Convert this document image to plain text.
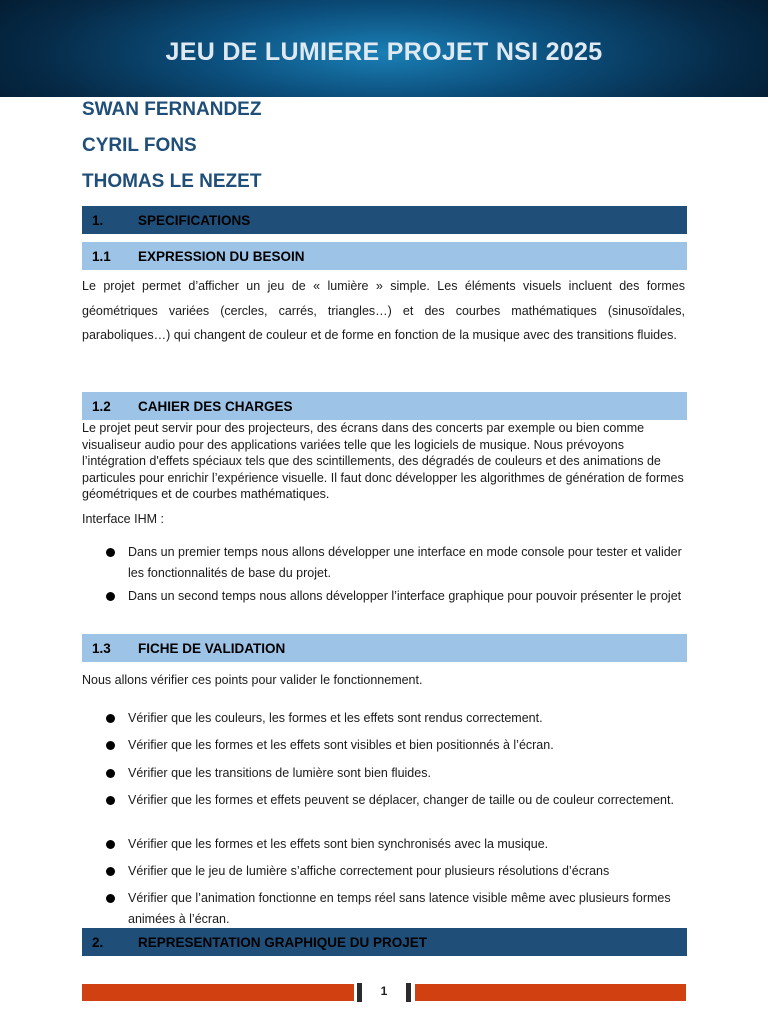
JEU DE LUMIERE PROJET NSI 2025
SWAN FERNANDEZ
CYRIL FONS
THOMAS LE NEZET
1.	SPECIFICATIONS
1.1	EXPRESSION DU BESOIN
Le projet permet d’afficher un jeu de « lumière » simple. Les éléments visuels incluent des formes géométriques variées (cercles, carrés, triangles…) et des courbes mathématiques (sinusoïdales, paraboliques…) qui changent de couleur et de forme en fonction de la musique avec des transitions fluides.
1.2	CAHIER DES CHARGES
Le projet peut servir pour des projecteurs, des écrans dans des concerts par exemple ou bien comme visualiseur audio pour des applications variées telle que les logiciels de musique. Nous prévoyons l’intégration d'effets spéciaux tels que des scintillements, des dégradés de couleurs et des animations de particules pour enrichir l’expérience visuelle. Il faut donc développer les algorithmes de génération de formes géométriques et de courbes mathématiques.
Interface IHM :
Dans un premier temps nous allons développer une interface en mode console pour tester et valider les fonctionnalités de base du projet.
Dans un second temps nous allons développer l’interface graphique pour pouvoir présenter le projet
1.3	FICHE DE VALIDATION
Nous allons vérifier ces points pour valider le fonctionnement.
Vérifier que les couleurs, les formes et les effets sont rendus correctement.
Vérifier que les formes et les effets sont visibles et bien positionnés à l’écran.
Vérifier que les transitions de lumière sont bien fluides.
Vérifier que les formes et effets peuvent se déplacer, changer de taille ou de couleur correctement.
Vérifier que les formes et les effets sont bien synchronisés avec la musique.
Vérifier que le jeu de lumière s’affiche correctement pour plusieurs résolutions d’écrans
Vérifier que l’animation fonctionne en temps réel sans latence visible même avec plusieurs formes animées à l’écran.
2.	REPRESENTATION GRAPHIQUE DU PROJET
1
